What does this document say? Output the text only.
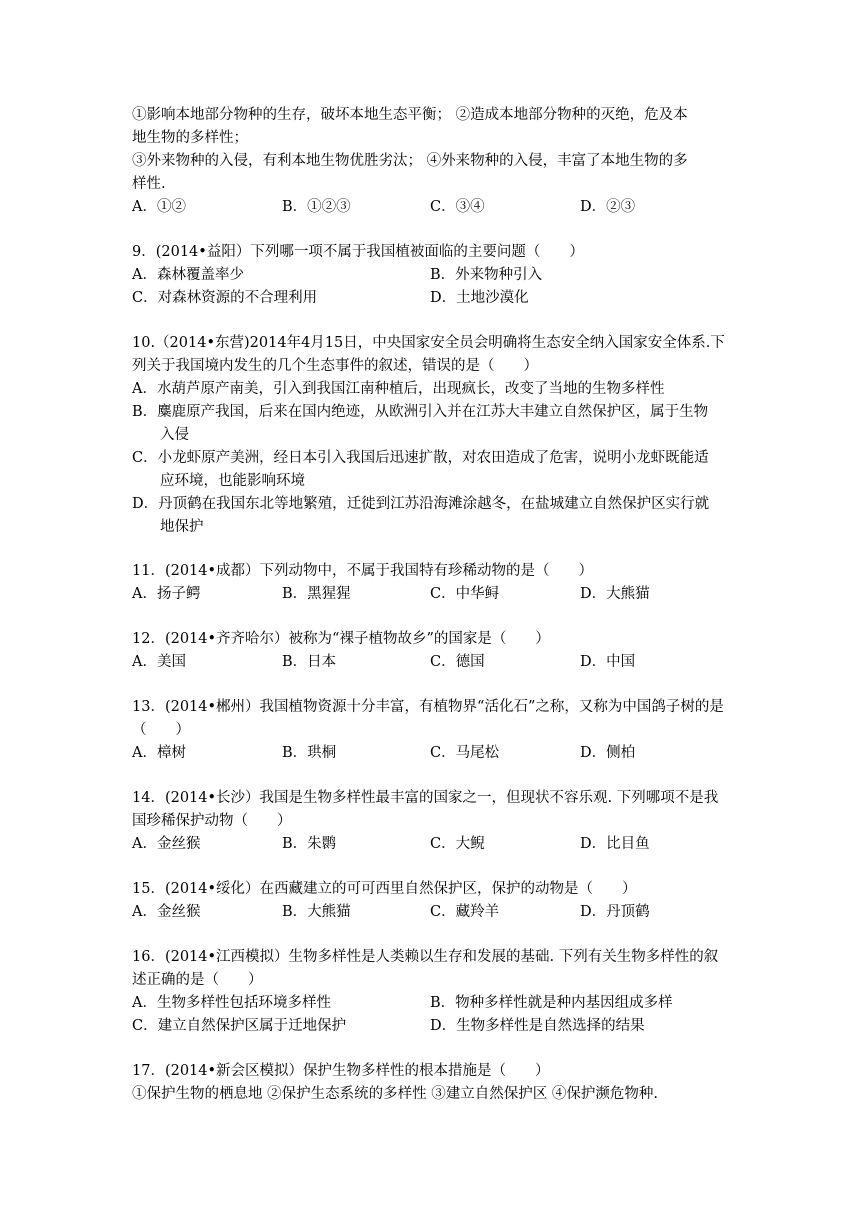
①影响本地部分物种的生存，破坏本地生态平衡； ②造成本地部分物种的灭绝，危及本
地生物的多样性；
③外来物种的入侵，有利本地生物优胜劣汰； ④外来物种的入侵，丰富了本地生物的多
样性.
A．①②	B．①②③	C．③④	D．②③
9．(2014•益阳）下列哪一项不属于我国植被面临的主要问题（　　）
A．森林覆盖率少	B．外来物种引入
C．对森林资源的不合理利用	D．土地沙漠化
10.（2014•东营)2014年4月15日，中央国家安全员会明确将生态安全纳入国家安全体系.下
列关于我国境内发生的几个生态事件的叙述，错误的是（　　）
A．水葫芦原产南美，引入到我国江南种植后，出现疯长，改变了当地的生物多样性
B．麋鹿原产我国，后来在国内绝迹，从欧洲引入并在江苏大丰建立自然保护区，属于生物
入侵
C．小龙虾原产美洲，经日本引入我国后迅速扩散，对农田造成了危害，说明小龙虾既能适
应环境，也能影响环境
D．丹顶鹤在我国东北等地繁殖，迁徙到江苏沿海滩涂越冬，在盐城建立自然保护区实行就
地保护
11．(2014•成都）下列动物中，不属于我国特有珍稀动物的是（　　）
A．扬子鳄	B．黑猩猩	C．中华鲟	D．大熊猫
12．(2014•齐齐哈尔）被称为“裸子植物故乡”的国家是（　　）
A．美国	B．日本	C．德国	D．中国
13．(2014•郴州）我国植物资源十分丰富，有植物界“活化石”之称，又称为中国鸽子树的是
（　　）
A．樟树	B．珙桐	C．马尾松	D．侧柏
14．(2014•长沙）我国是生物多样性最丰富的国家之一，但现状不容乐观. 下列哪项不是我
国珍稀保护动物（　　）
A．金丝猴	B．朱鹮	C．大鲵	D．比目鱼
15．(2014•绥化）在西藏建立的可可西里自然保护区，保护的动物是（　　）
A．金丝猴	B．大熊猫	C．藏羚羊	D．丹顶鹤
16．(2014•江西模拟）生物多样性是人类赖以生存和发展的基础. 下列有关生物多样性的叙
述正确的是（　　）
A．生物多样性包括环境多样性	B．物种多样性就是种内基因组成多样
C．建立自然保护区属于迁地保护	D．生物多样性是自然选择的结果
17．(2014•新会区模拟）保护生物多样性的根本措施是（　　）
①保护生物的栖息地 ②保护生态系统的多样性 ③建立自然保护区 ④保护濒危物种.
